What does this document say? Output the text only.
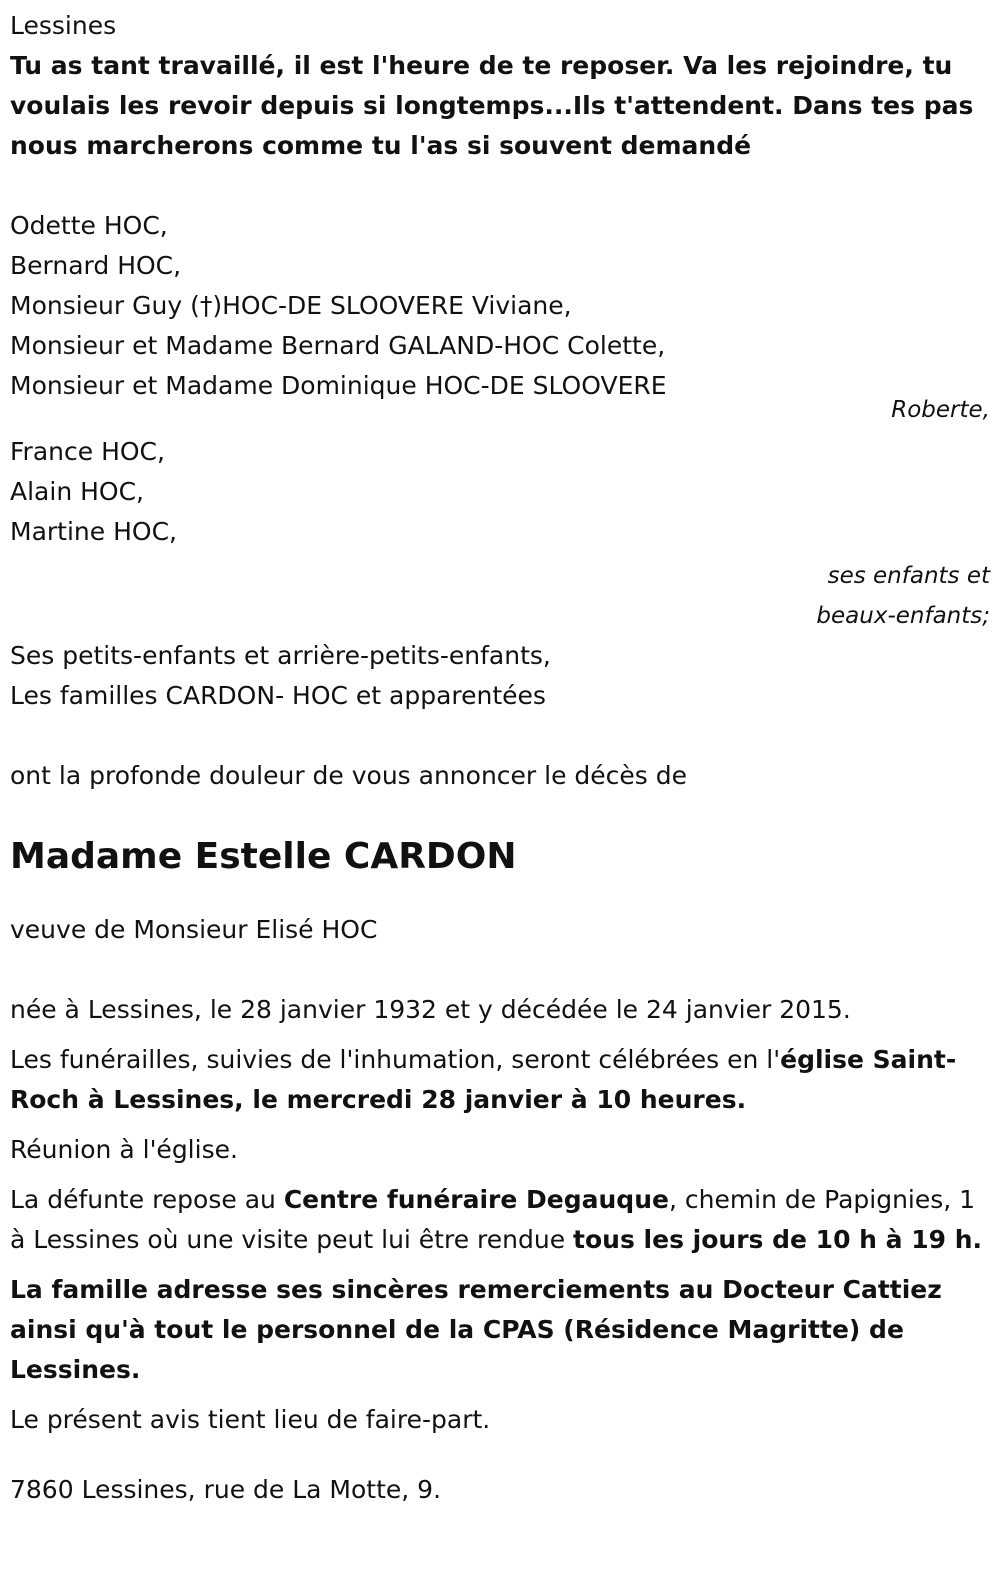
Lessines

Tu as tant travaillé, il est l'heure de te reposer. Va les rejoindre, tu voulais les revoir depuis si longtemps...Ils t'attendent. Dans tes pas nous marcherons comme tu l'as si souvent demandé

Odette HOC,
Bernard HOC,
Monsieur Guy (†)HOC-DE SLOOVERE Viviane,
Monsieur et Madame Bernard GALAND-HOC Colette,
Monsieur et Madame Dominique HOC-DE SLOOVERE
Roberte,
France HOC,
Alain HOC,
Martine HOC,
ses enfants et
beaux-enfants;
Ses petits-enfants et arrière-petits-enfants,
Les familles CARDON- HOC et apparentées
ont la profonde douleur de vous annoncer le décès de
Madame Estelle CARDON
veuve de Monsieur Elisé HOC
née à Lessines, le 28 janvier 1932 et y décédée le 24 janvier 2015.

Les funérailles, suivies de l'inhumation, seront célébrées en l'église Saint-Roch à Lessines, le mercredi 28 janvier à 10 heures.

Réunion à l'église.

La défunte repose au Centre funéraire Degauque, chemin de Papignies, 1 à Lessines où une visite peut lui être rendue tous les jours de 10 h à 19 h.

La famille adresse ses sincères remerciements au Docteur Cattiez ainsi qu'à tout le personnel de la CPAS (Résidence Magritte) de Lessines.

Le présent avis tient lieu de faire-part.

7860 Lessines, rue de La Motte, 9.
